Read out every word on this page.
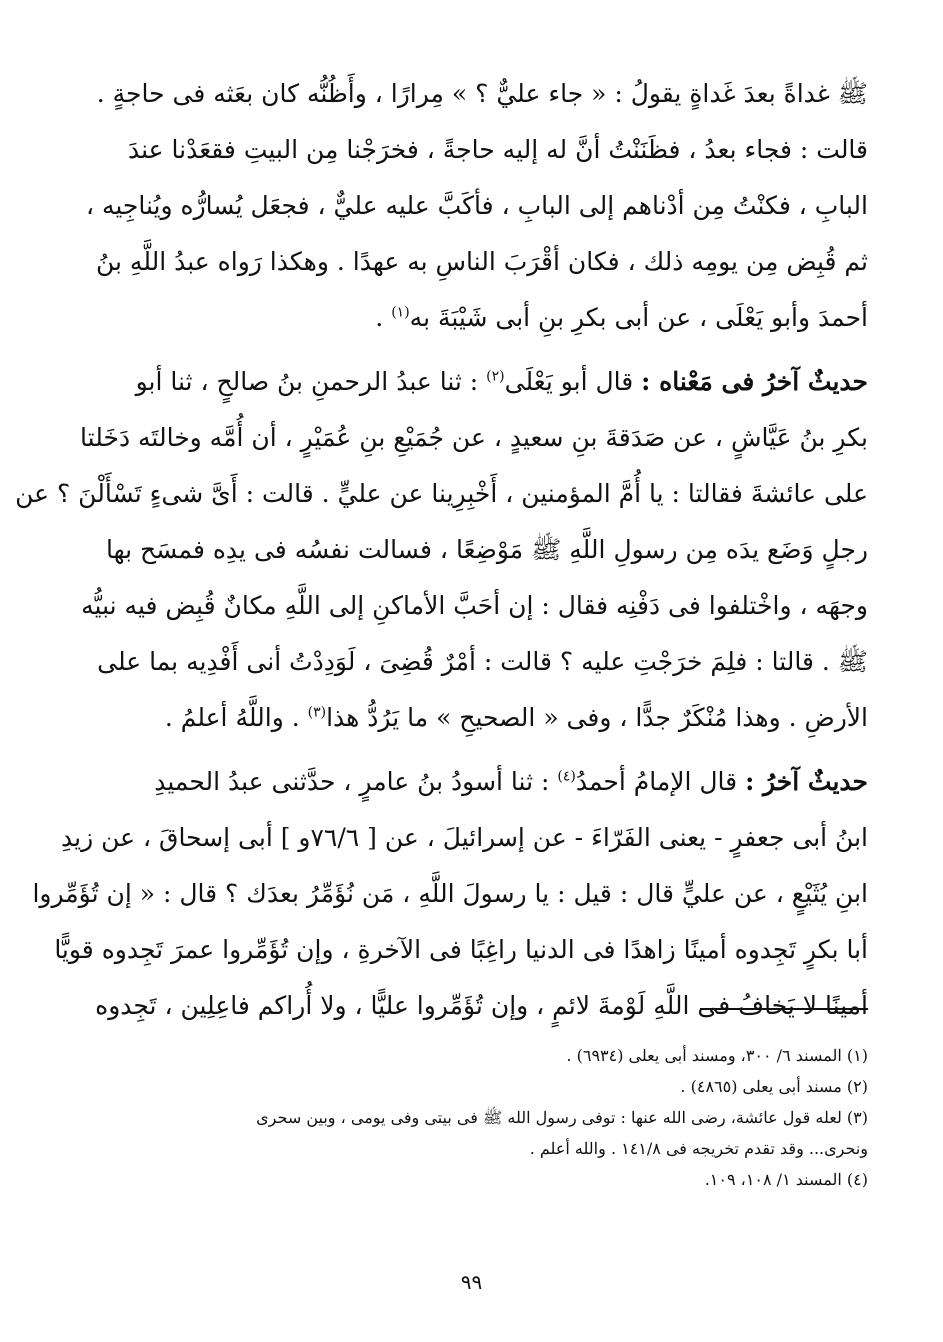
ﷺ غداةً بعدَ غَداةٍ يقولُ : « جاء عليٌّ ؟ » مِرارًا ، وأَظُنُّه كان بعَثه فى حاجةٍ .
قالت : فجاء بعدُ ، فظَنَنْتُ أنَّ له إليه حاجةً ، فخرَجْنا مِن البيتِ فقعَدْنا عندَ
البابِ ، فكنْتُ مِن أدْناهم إلى البابِ ، فأكَبَّ عليه عليٌّ ، فجعَل يُسارُّه ويُناجِيه ،
ثم قُبِض مِن يومِه ذلك ، فكان أقْرَبَ الناسِ به عهدًا . وهكذا رَواه عبدُ اللَّهِ بنُ
أحمدَ وأبو يَعْلَى ، عن أبى بكرِ بنِ أبى شَيْبَةَ به$^{(١)}$ .

حديثٌ آخرُ فى مَعْناه : قال أبو يَعْلَى$^{(٢)}$ : ثنا عبدُ الرحمنِ بنُ صالحٍ ، ثنا أبو
بكرِ بنُ عَيَّاشٍ ، عن صَدَقةَ بنِ سعيدٍ ، عن جُمَيْعِ بنِ عُمَيْرٍ ، أن أُمَّه وخالتَه دَخَلتا
على عائشةَ فقالتا : يا أُمَّ المؤمنين ، أَخْبِرِينا عن عليٍّ . قالت : أَىَّ شىءٍ تَسْأَلْنَ ؟ عن
رجلٍ وَضَع يدَه مِن رسولِ اللَّهِ ﷺ مَوْضِعًا ، فسالت نفسُه فى يدِه فمسَح بها
وجهَه ، واخْتلفوا فى دَفْنِه فقال : إن أحَبَّ الأماكنِ إلى اللَّهِ مكانٌ قُبِض فيه نبيُّه
ﷺ . قالتا : فلِمَ خرَجْتِ عليه ؟ قالت : أمْرٌ قُضِىَ ، لَوَدِدْتُ أنى أَفْدِيه بما على
الأرضِ . وهذا مُنْكَرٌ جدًّا ، وفى « الصحيحِ » ما يَرُدُّ هذا$^{(٣)}$ . واللَّهُ أعلمُ .

حديثٌ آخرُ : قال الإمامُ أحمدُ$^{(٤)}$ : ثنا أسودُ بنُ عامرٍ ، حدَّثنى عبدُ الحميدِ
ابنُ أبى جعفرٍ - يعنى الفَرّاءَ - عن إسرائيلَ ، عن [ ٧٦/٦و ] أبى إسحاقَ ، عن زيدِ
ابنِ يُثَيْعٍ ، عن عليٍّ قال : قيل : يا رسولَ اللَّهِ ، مَن نُؤَمِّرُ بعدَك ؟ قال : « إن تُؤَمِّروا
أبا بكرٍ تَجِدوه أمينًا زاهدًا فى الدنيا راغِبًا فى الآخرةِ ، وإن تُؤَمِّروا عمرَ تَجِدوه قويًّا
أمينًا لا يَخافُ فى اللَّهِ لَوْمةَ لائمٍ ، وإن تُؤَمِّروا عليًّا ، ولا أُراكم فاعِلِين ، تَجِدوه

(١) المسند ٦/ ٣٠٠، ومسند أبى يعلى (٦٩٣٤) .

(٢) مسند أبى يعلى (٤٨٦٥) .

(٣) لعله قول عائشة، رضى الله عنها : توفى رسول الله ﷺ فى بيتى وفى يومى ، وبين سحرى

ونحرى... وقد تقدم تخريجه فى ١٤١/٨ . والله أعلم .

(٤) المسند ١/ ١٠٨، ١٠٩.

٩٩
